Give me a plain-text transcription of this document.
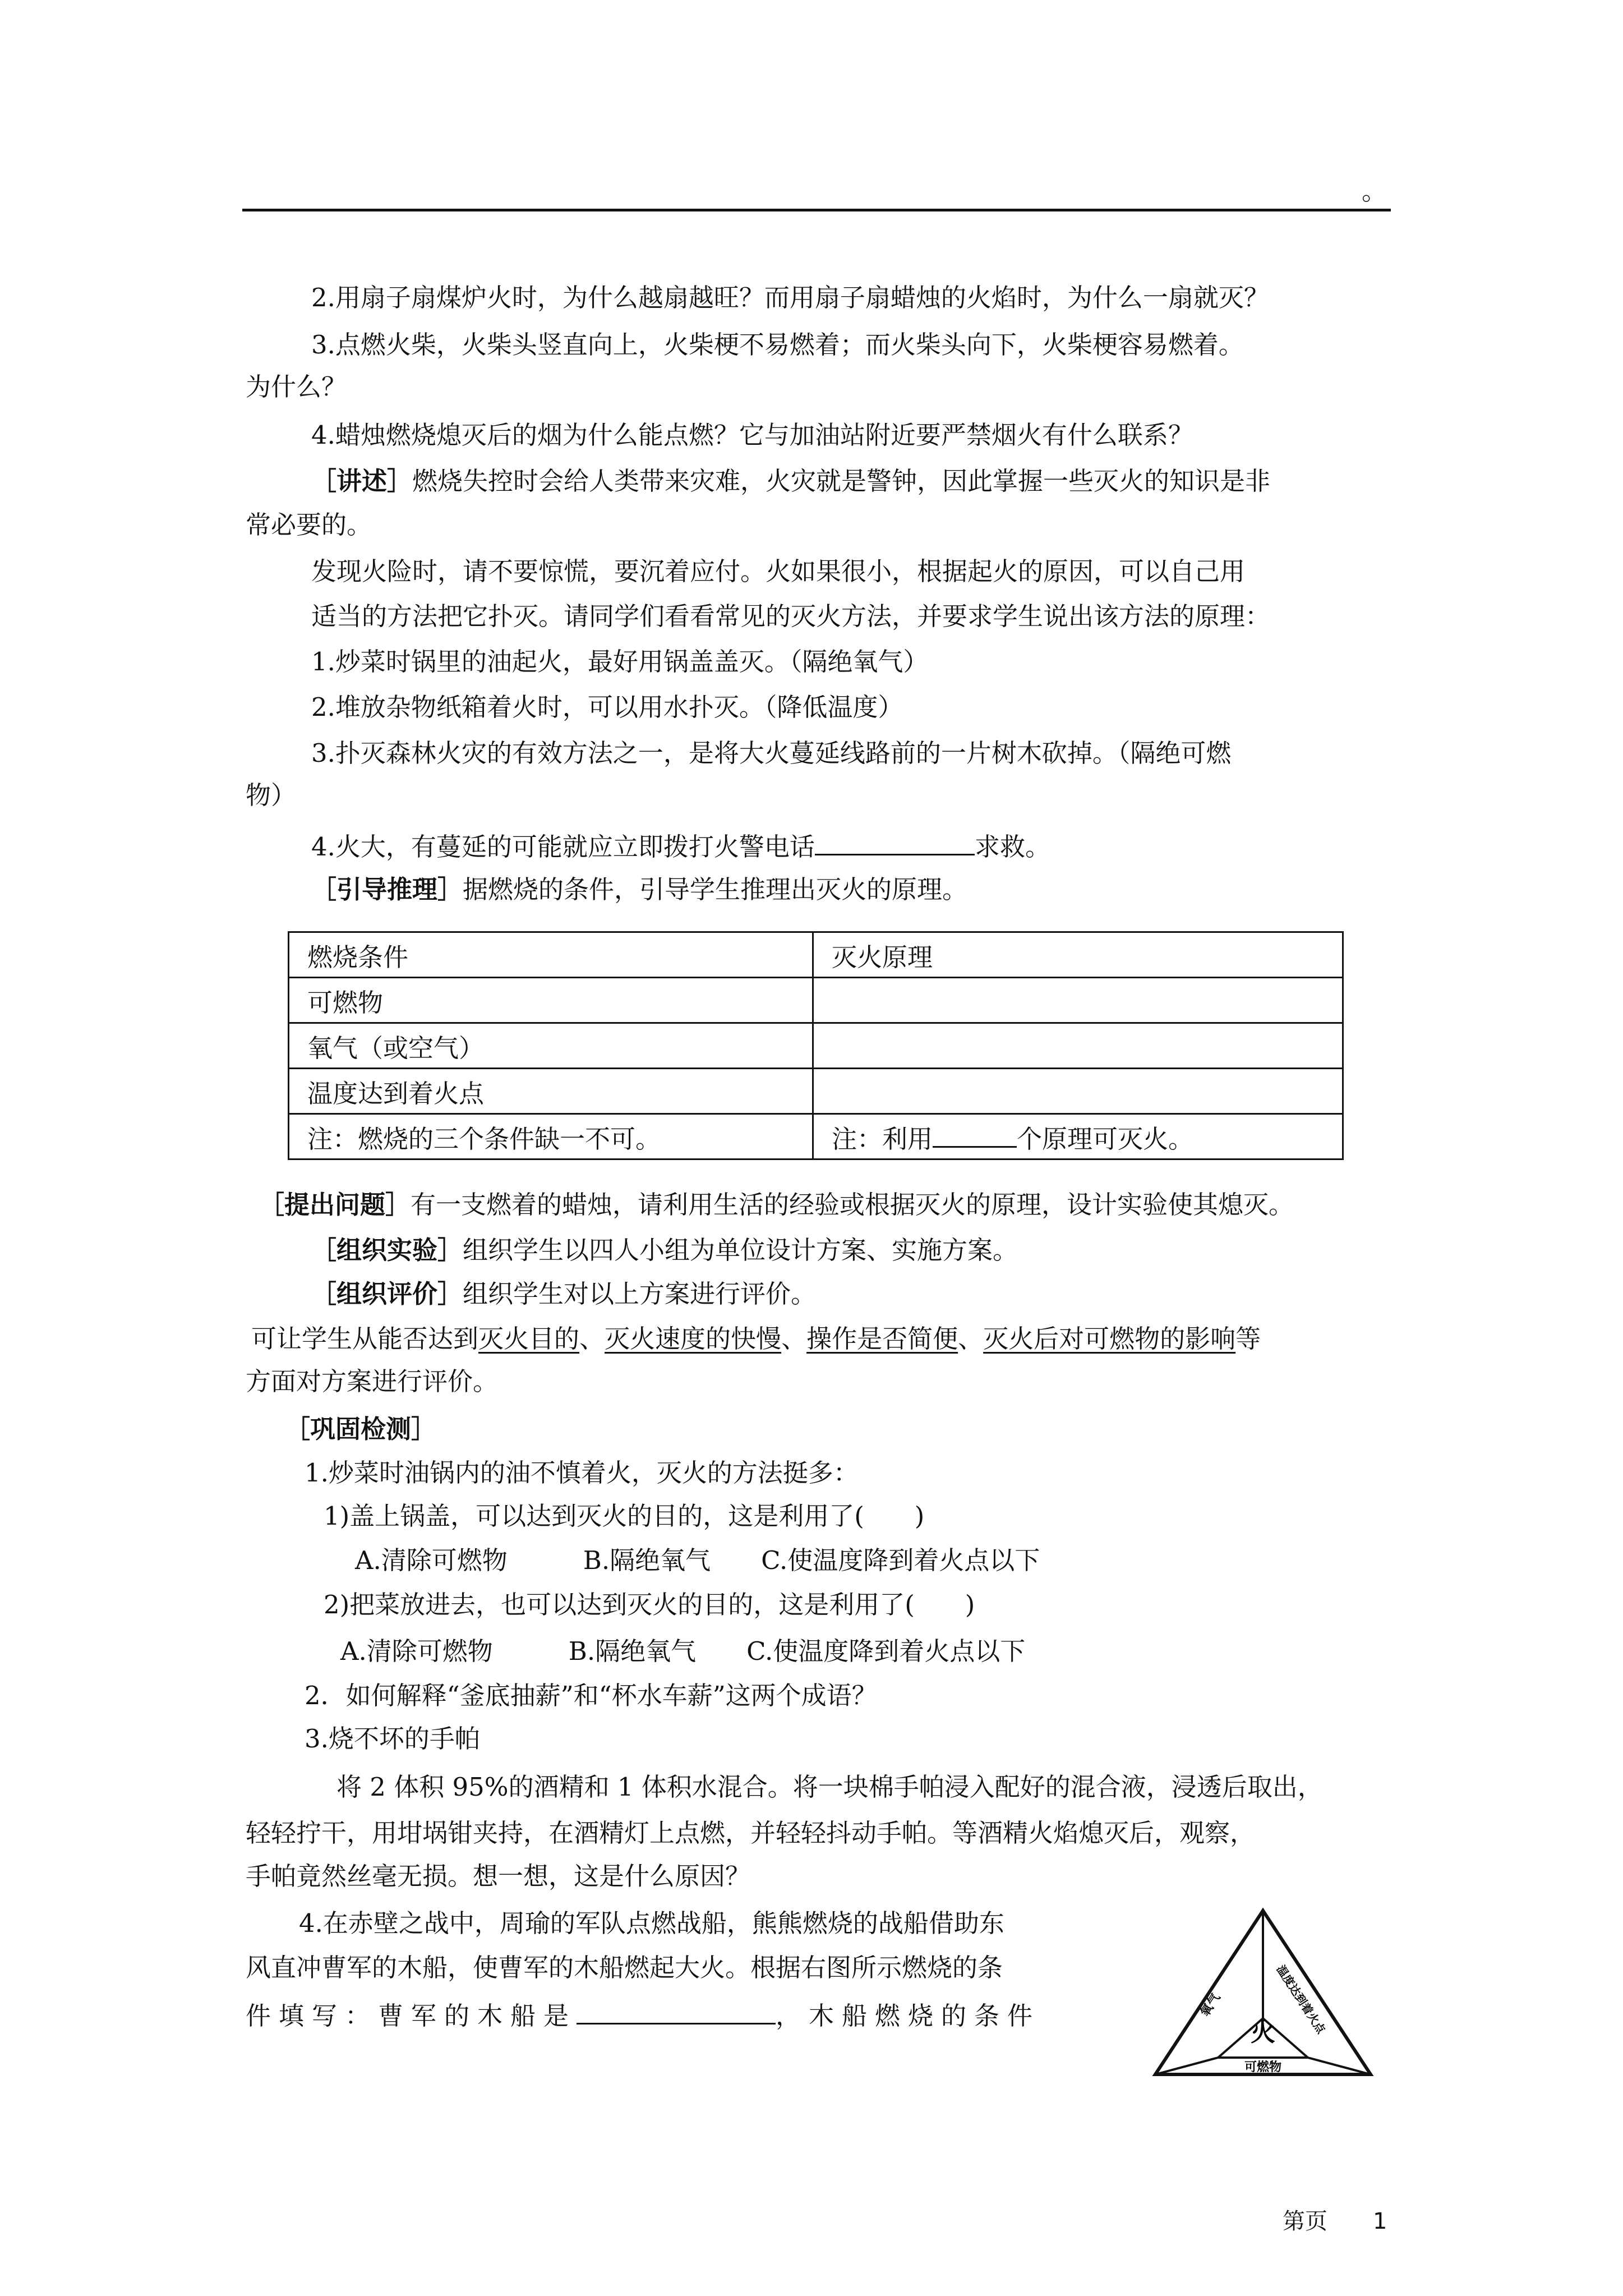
。
2.用扇子扇煤炉火时，为什么越扇越旺？而用扇子扇蜡烛的火焰时，为什么一扇就灭？
3.点燃火柴，火柴头竖直向上，火柴梗不易燃着；而火柴头向下，火柴梗容易燃着。
为什么？
4.蜡烛燃烧熄灭后的烟为什么能点燃？它与加油站附近要严禁烟火有什么联系？
［讲述］燃烧失控时会给人类带来灾难，火灾就是警钟，因此掌握一些灭火的知识是非
常必要的。
发现火险时，请不要惊慌，要沉着应付。火如果很小，根据起火的原因，可以自己用
适当的方法把它扑灭。请同学们看看常见的灭火方法，并要求学生说出该方法的原理：
1.炒菜时锅里的油起火，最好用锅盖盖灭。（隔绝氧气）
2.堆放杂物纸箱着火时，可以用水扑灭。（降低温度）
3.扑灭森林火灾的有效方法之一，是将大火蔓延线路前的一片树木砍掉。（隔绝可燃
物）
4.火大，有蔓延的可能就应立即拨打火警电话	求救。
［引导推理］据燃烧的条件，引导学生推理出灭火的原理。
燃烧条件	灭火原理
可燃物	
氧气（或空气）	
温度达到着火点	
注：燃烧的三个条件缺一不可。	注：利用 个原理可灭火。
［提出问题］有一支燃着的蜡烛，请利用生活的经验或根据灭火的原理，设计实验使其熄灭。
［组织实验］组织学生以四人小组为单位设计方案、实施方案。
［组织评价］组织学生对以上方案进行评价。
可让学生从能否达到灭火目的、灭火速度的快慢、操作是否简便、灭火后对可燃物的影响等
方面对方案进行评价。
［巩固检测］
1.炒菜时油锅内的油不慎着火，灭火的方法挺多：
1)盖上锅盖，可以达到灭火的目的，这是利用了(　　)
A.清除可燃物　　　B.隔绝氧气　　C.使温度降到着火点以下
2)把菜放进去，也可以达到灭火的目的，这是利用了(　　)
A.清除可燃物　　　B.隔绝氧气　　C.使温度降到着火点以下
2．如何解释“釜底抽薪”和“杯水车薪”这两个成语？
3.烧不坏的手帕
将 2 体积 95%的酒精和 1 体积水混合。将一块棉手帕浸入配好的混合液，浸透后取出，
轻轻拧干，用坩埚钳夹持，在酒精灯上点燃，并轻轻抖动手帕。等酒精火焰熄灭后，观察，
手帕竟然丝毫无损。想一想，这是什么原因？
4.在赤壁之战中，周瑜的军队点燃战船，熊熊燃烧的战船借助东
风直冲曹军的木船，使曹军的木船燃起大火。根据右图所示燃烧的条
件填写：曹军的木船是	，木船燃烧的条件
火
氧气	温度达到着火点
可燃物
第页 1
